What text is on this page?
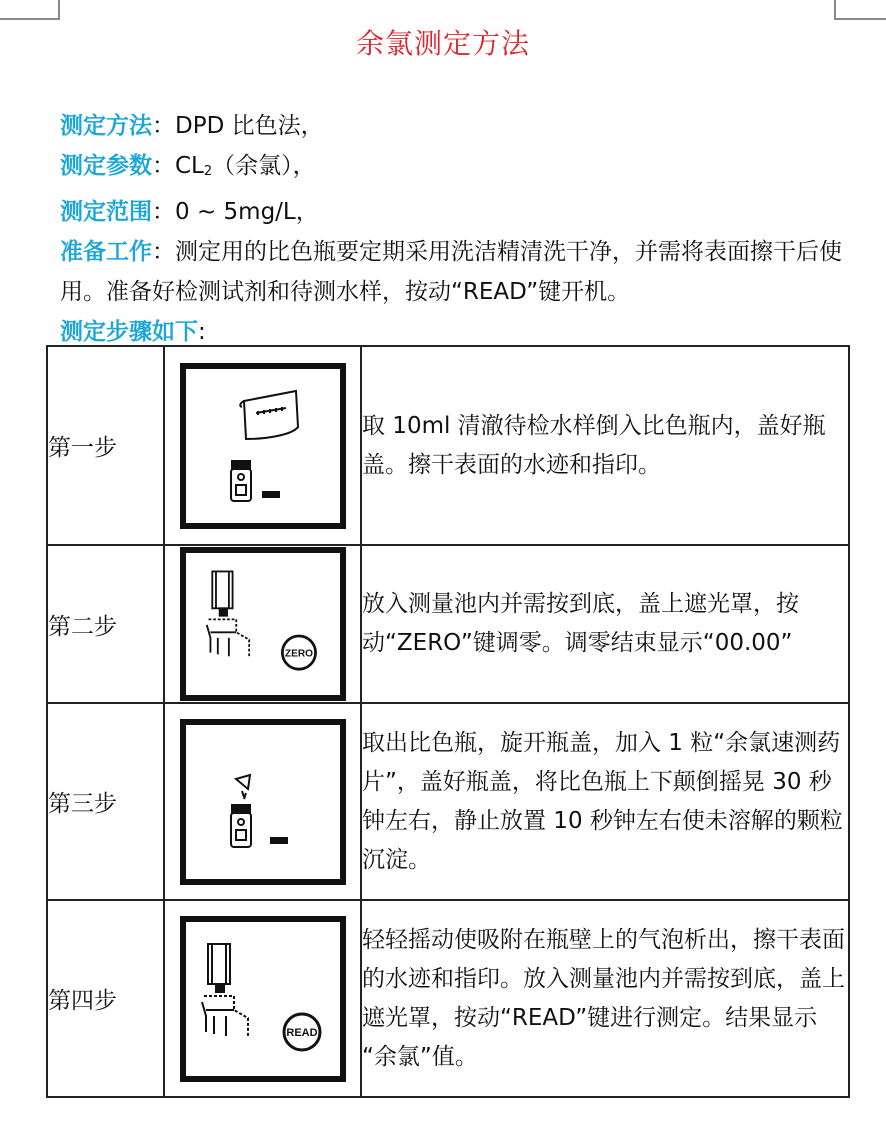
余氯测定方法
测定方法：DPD 比色法，
测定参数：$CL_2$（余氯），
测定范围：0 ~ 5mg/L，
准备工作：测定用的比色瓶要定期采用洗洁精清洗干净，并需将表面擦干后使用。准备好检测试剂和待测水样，按动“READ”键开机。
测定步骤如下:
第一步		取 10ml 清澈待检水样倒入比色瓶内，盖好瓶盖。擦干表面的水迹和指印。
第二步	ZERO	放入测量池内并需按到底，盖上遮光罩，按动“ZERO”键调零。调零结束显示“00.00”
第三步		取出比色瓶，旋开瓶盖，加入 1 粒“余氯速测药片”，盖好瓶盖，将比色瓶上下颠倒摇晃 30 秒钟左右，静止放置 10 秒钟左右使未溶解的颗粒沉淀。
第四步	READ	轻轻摇动使吸附在瓶壁上的气泡析出，擦干表面的水迹和指印。放入测量池内并需按到底，盖上遮光罩，按动“READ”键进行测定。结果显示 “余氯”值。
